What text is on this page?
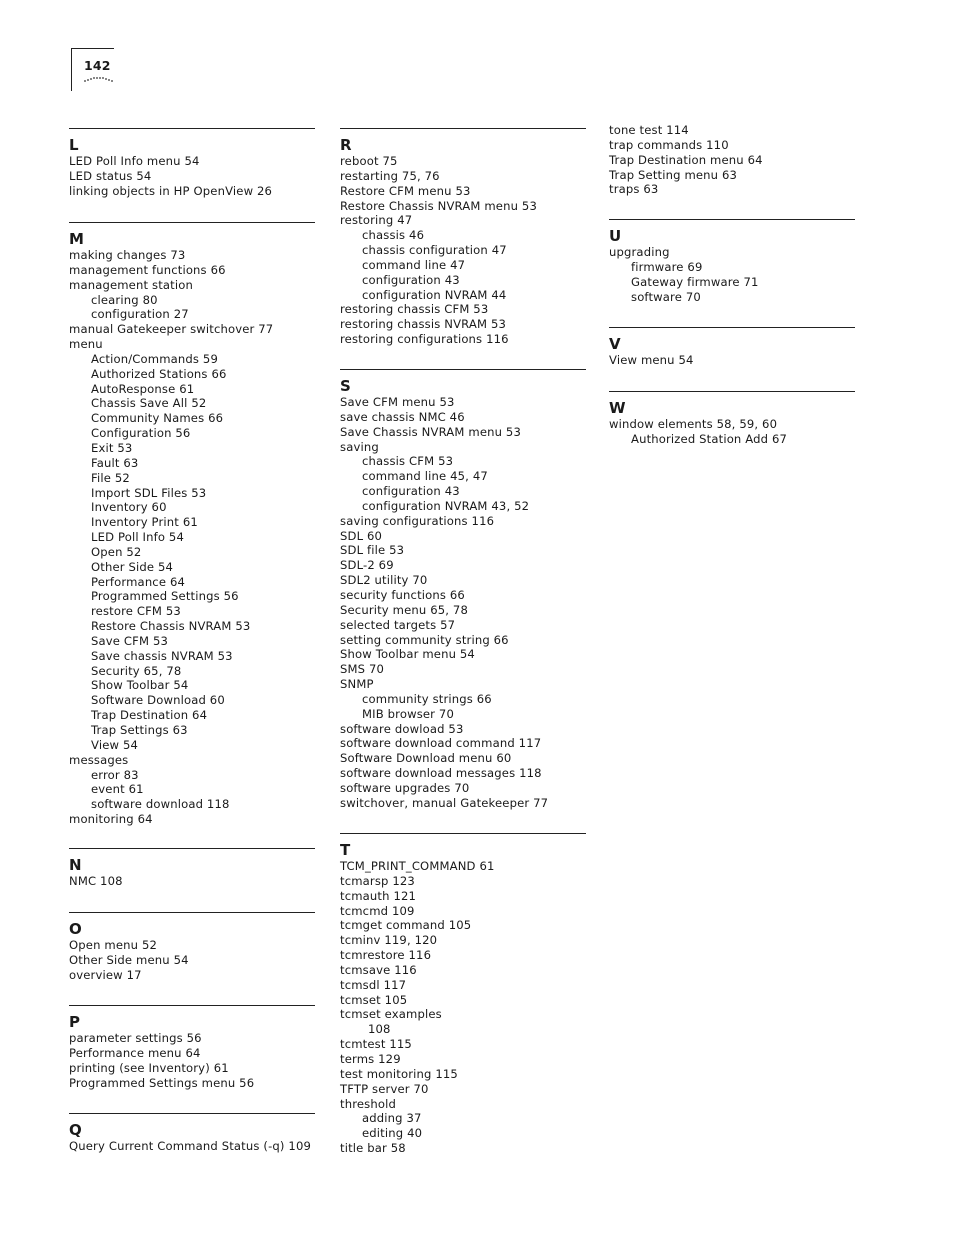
142
L
LED Poll Info menu 54
LED status 54
linking objects in HP OpenView 26
M
making changes 73
management functions 66
management station
clearing 80
configuration 27
manual Gatekeeper switchover 77
menu
Action/Commands 59
Authorized Stations 66
AutoResponse 61
Chassis Save All 52
Community Names 66
Configuration 56
Exit 53
Fault 63
File 52
Import SDL Files 53
Inventory 60
Inventory Print 61
LED Poll Info 54
Open 52
Other Side 54
Performance 64
Programmed Settings 56
restore CFM 53
Restore Chassis NVRAM 53
Save CFM 53
Save chassis NVRAM 53
Security 65, 78
Show Toolbar 54
Software Download 60
Trap Destination 64
Trap Settings 63
View 54
messages
error 83
event 61
software download 118
monitoring 64
N
NMC 108
O
Open menu 52
Other Side menu 54
overview 17
P
parameter settings 56
Performance menu 64
printing (see Inventory) 61
Programmed Settings menu 56
Q
Query Current Command Status (-q) 109
R
reboot 75
restarting 75, 76
Restore CFM menu 53
Restore Chassis NVRAM menu 53
restoring 47
chassis 46
chassis configuration 47
command line 47
configuration 43
configuration NVRAM 44
restoring chassis CFM 53
restoring chassis NVRAM 53
restoring configurations 116
S
Save CFM menu 53
save chassis NMC 46
Save Chassis NVRAM menu 53
saving
chassis CFM 53
command line 45, 47
configuration 43
configuration NVRAM 43, 52
saving configurations 116
SDL 60
SDL file 53
SDL-2 69
SDL2 utility 70
security functions 66
Security menu 65, 78
selected targets 57
setting community string 66
Show Toolbar menu 54
SMS 70
SNMP
community strings 66
MIB browser 70
software dowload 53
software download command 117
Software Download menu 60
software download messages 118
software upgrades 70
switchover, manual Gatekeeper 77
T
TCM_PRINT_COMMAND 61
tcmarsp 123
tcmauth 121
tcmcmd 109
tcmget command 105
tcminv 119, 120
tcmrestore 116
tcmsave 116
tcmsdl 117
tcmset 105
tcmset examples
108
tcmtest 115
terms 129
test monitoring 115
TFTP server 70
threshold
adding 37
editing 40
title bar 58
tone test 114
trap commands 110
Trap Destination menu 64
Trap Setting menu 63
traps 63
U
upgrading
firmware 69
Gateway firmware 71
software 70
V
View menu 54
W
window elements 58, 59, 60
Authorized Station Add 67
